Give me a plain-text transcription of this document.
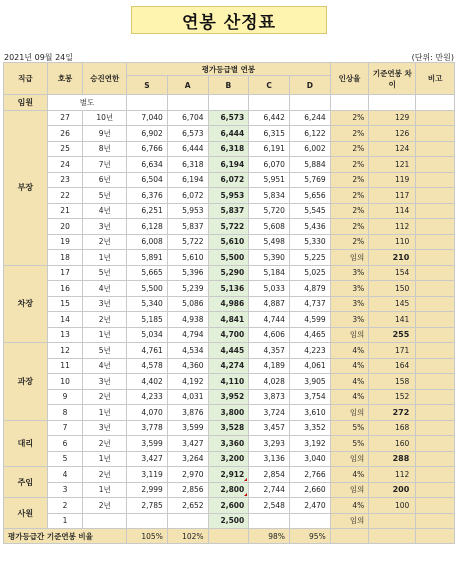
연봉 산정표
2021년 09월 24일	(단위: 만원)
직급	호봉	승진연한	평가등급별 연봉					인상율	기준연봉 차이	비고
			S	A	B	C	D			
임원	별도									
부장	27	10년	7,040	6,704	6,573	6,442	6,244	2%	129	
	26	9년	6,902	6,573	6,444	6,315	6,122	2%	126	
	25	8년	6,766	6,444	6,318	6,191	6,002	2%	124	
	24	7년	6,634	6,318	6,194	6,070	5,884	2%	121	
	23	6년	6,504	6,194	6,072	5,951	5,769	2%	119	
	22	5년	6,376	6,072	5,953	5,834	5,656	2%	117	
	21	4년	6,251	5,953	5,837	5,720	5,545	2%	114	
	20	3년	6,128	5,837	5,722	5,608	5,436	2%	112	
	19	2년	6,008	5,722	5,610	5,498	5,330	2%	110	
	18	1년	5,891	5,610	5,500	5,390	5,225	임의	210	
차장	17	5년	5,665	5,396	5,290	5,184	5,025	3%	154	
	16	4년	5,500	5,239	5,136	5,033	4,879	3%	150	
	15	3년	5,340	5,086	4,986	4,887	4,737	3%	145	
	14	2년	5,185	4,938	4,841	4,744	4,599	3%	141	
	13	1년	5,034	4,794	4,700	4,606	4,465	임의	255	
과장	12	5년	4,761	4,534	4,445	4,357	4,223	4%	171	
	11	4년	4,578	4,360	4,274	4,189	4,061	4%	164	
	10	3년	4,402	4,192	4,110	4,028	3,905	4%	158	
	9	2년	4,233	4,031	3,952	3,873	3,754	4%	152	
	8	1년	4,070	3,876	3,800	3,724	3,610	임의	272	
대리	7	3년	3,778	3,599	3,528	3,457	3,352	5%	168	
	6	2년	3,599	3,427	3,360	3,293	3,192	5%	160	
	5	1년	3,427	3,264	3,200	3,136	3,040	임의	288	
주임	4	2년	3,119	2,970	2,912	2,854	2,766	4%	112	
	3	1년	2,999	2,856	2,800	2,744	2,660	임의	200	
사원	2	2년	2,785	2,652	2,600	2,548	2,470	4%	100	
	1				2,500			임의		
평가등급간 기준연봉 비율			105%	102%		98%	95%			
